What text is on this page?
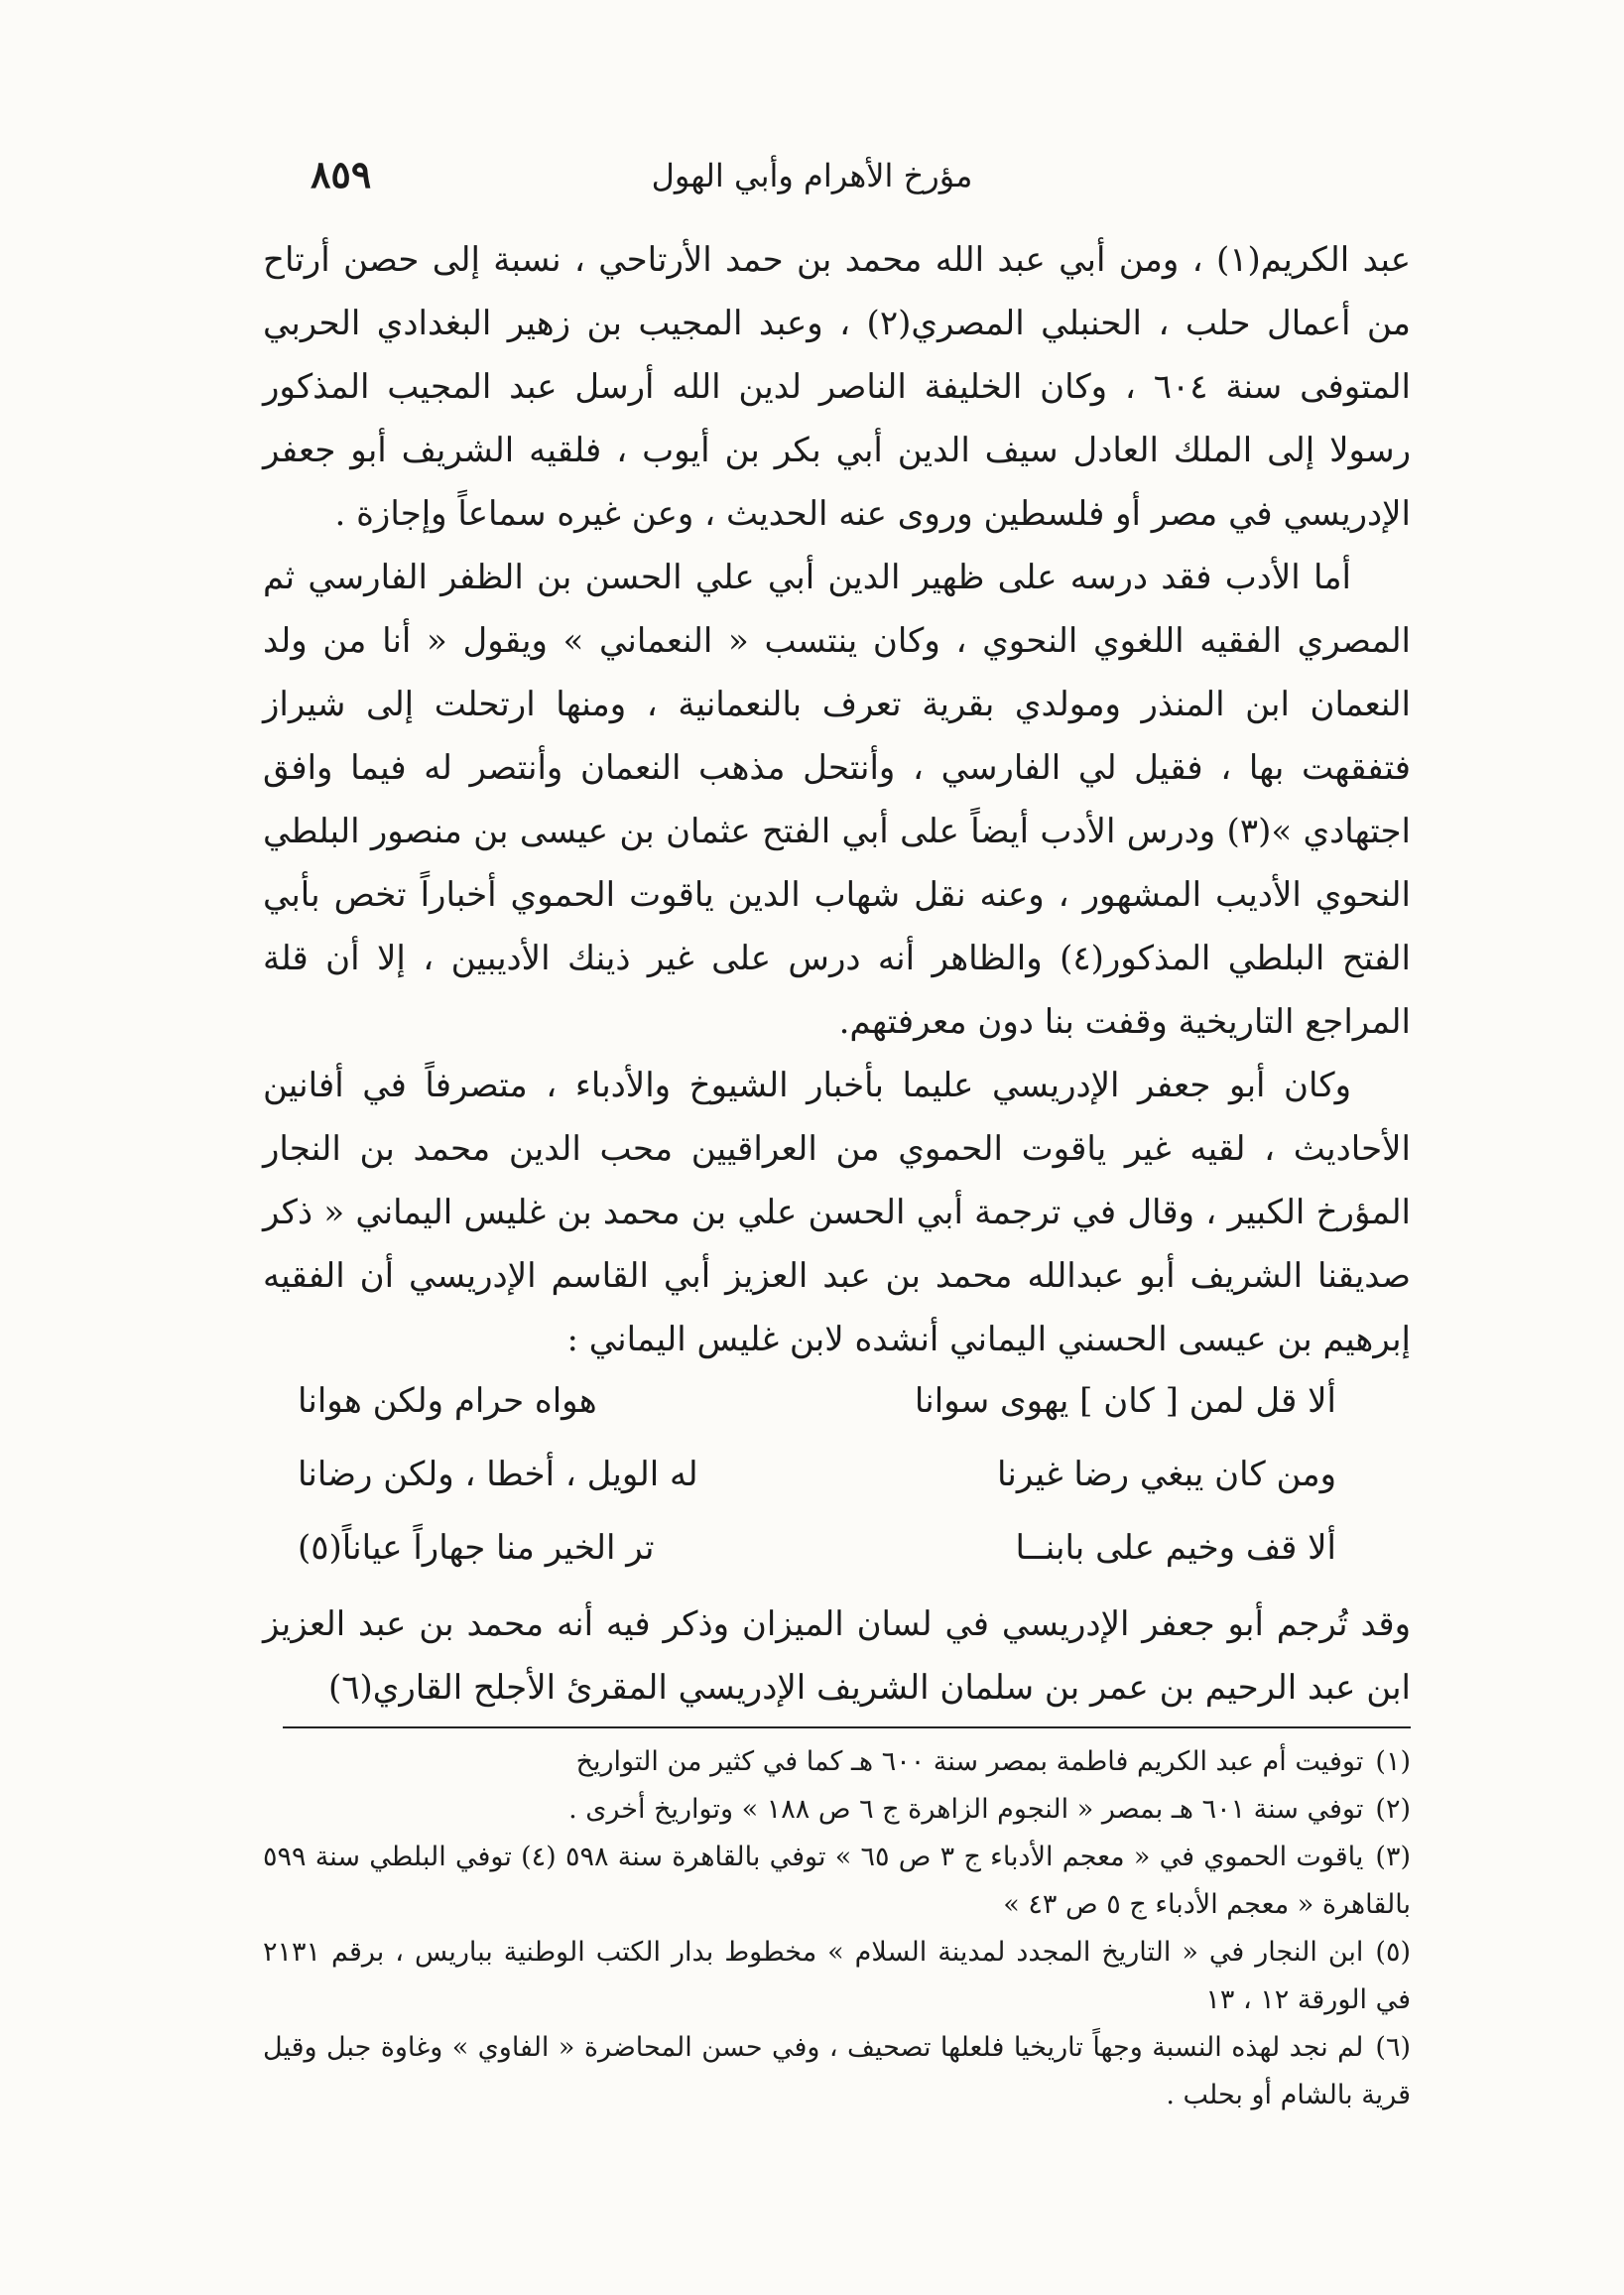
مؤرخ الأهرام وأبي الهول
٨٥٩

عبد الكريم(١) ، ومن أبي عبد الله محمد بن حمد الأرتاحي ، نسبة إلى حصن أرتاح من أعمال حلب ، الحنبلي المصري(٢) ، وعبد المجيب بن زهير البغدادي الحربي المتوفى سنة ٦٠٤ ، وكان الخليفة الناصر لدين الله أرسل عبد المجيب المذكور رسولا إلى الملك العادل سيف الدين أبي بكر بن أيوب ، فلقيه الشريف أبو جعفر الإدريسي في مصر أو فلسطين وروى عنه الحديث ، وعن غيره سماعاً وإجازة .

أما الأدب فقد درسه على ظهير الدين أبي علي الحسن بن الظفر الفارسي ثم المصري الفقيه اللغوي النحوي ، وكان ينتسب « النعماني » ويقول « أنا من ولد النعمان ابن المنذر ومولدي بقرية تعرف بالنعمانية ، ومنها ارتحلت إلى شيراز فتفقهت بها ، فقيل لي الفارسي ، وأنتحل مذهب النعمان وأنتصر له فيما وافق اجتهادي »(٣) ودرس الأدب أيضاً على أبي الفتح عثمان بن عيسى بن منصور البلطي النحوي الأديب المشهور ، وعنه نقل شهاب الدين ياقوت الحموي أخباراً تخص بأبي الفتح البلطي المذكور(٤) والظاهر أنه درس على غير ذينك الأديبين ، إلا أن قلة المراجع التاريخية وقفت بنا دون معرفتهم.

وكان أبو جعفر الإدريسي عليما بأخبار الشيوخ والأدباء ، متصرفاً في أفانين الأحاديث ، لقيه غير ياقوت الحموي من العراقيين محب الدين محمد بن النجار المؤرخ الكبير ، وقال في ترجمة أبي الحسن علي بن محمد بن غليس اليماني « ذكر صديقنا الشريف أبو عبدالله محمد بن عبد العزيز أبي القاسم الإدريسي أن الفقيه إبرهيم بن عيسى الحسني اليماني أنشده لابن غليس اليماني :

ألا قل لمن [ كان ] يهوى سوانا
هواه حرام ولكن هوانا
ومن كان يبغي رضا غيرنا
له الويل ، أخطا ، ولكن رضانا
ألا قف وخيم على بابنــا
تر الخير منا جهاراً عياناً(٥)
وقد تُرجم أبو جعفر الإدريسي في لسان الميزان وذكر فيه أنه محمد بن عبد العزيز ابن عبد الرحيم بن عمر بن سلمان الشريف الإدريسي المقرئ الأجلح القاري(٦)

(١)توفيت أم عبد الكريم فاطمة بمصر سنة ٦٠٠ هـ كما في كثير من التواريخ

(٢)توفي سنة ٦٠١ هـ بمصر « النجوم الزاهرة ج ٦ ص ١٨٨ » وتواريخ أخرى .

(٣)ياقوت الحموي في « معجم الأدباء ج ٣ ص ٦٥ » توفي بالقاهرة سنة ٥٩٨ (٤) توفي البلطي سنة ٥٩٩ بالقاهرة « معجم الأدباء ج ٥ ص ٤٣ »

(٥)ابن النجار في « التاريخ المجدد لمدينة السلام » مخطوط بدار الكتب الوطنية بباريس ، برقم ٢١٣١ في الورقة ١٢ ، ١٣

(٦)لم نجد لهذه النسبة وجهاً تاريخيا فلعلها تصحيف ، وفي حسن المحاضرة « الفاوي » وغاوة جبل وقيل قرية بالشام أو بحلب .
